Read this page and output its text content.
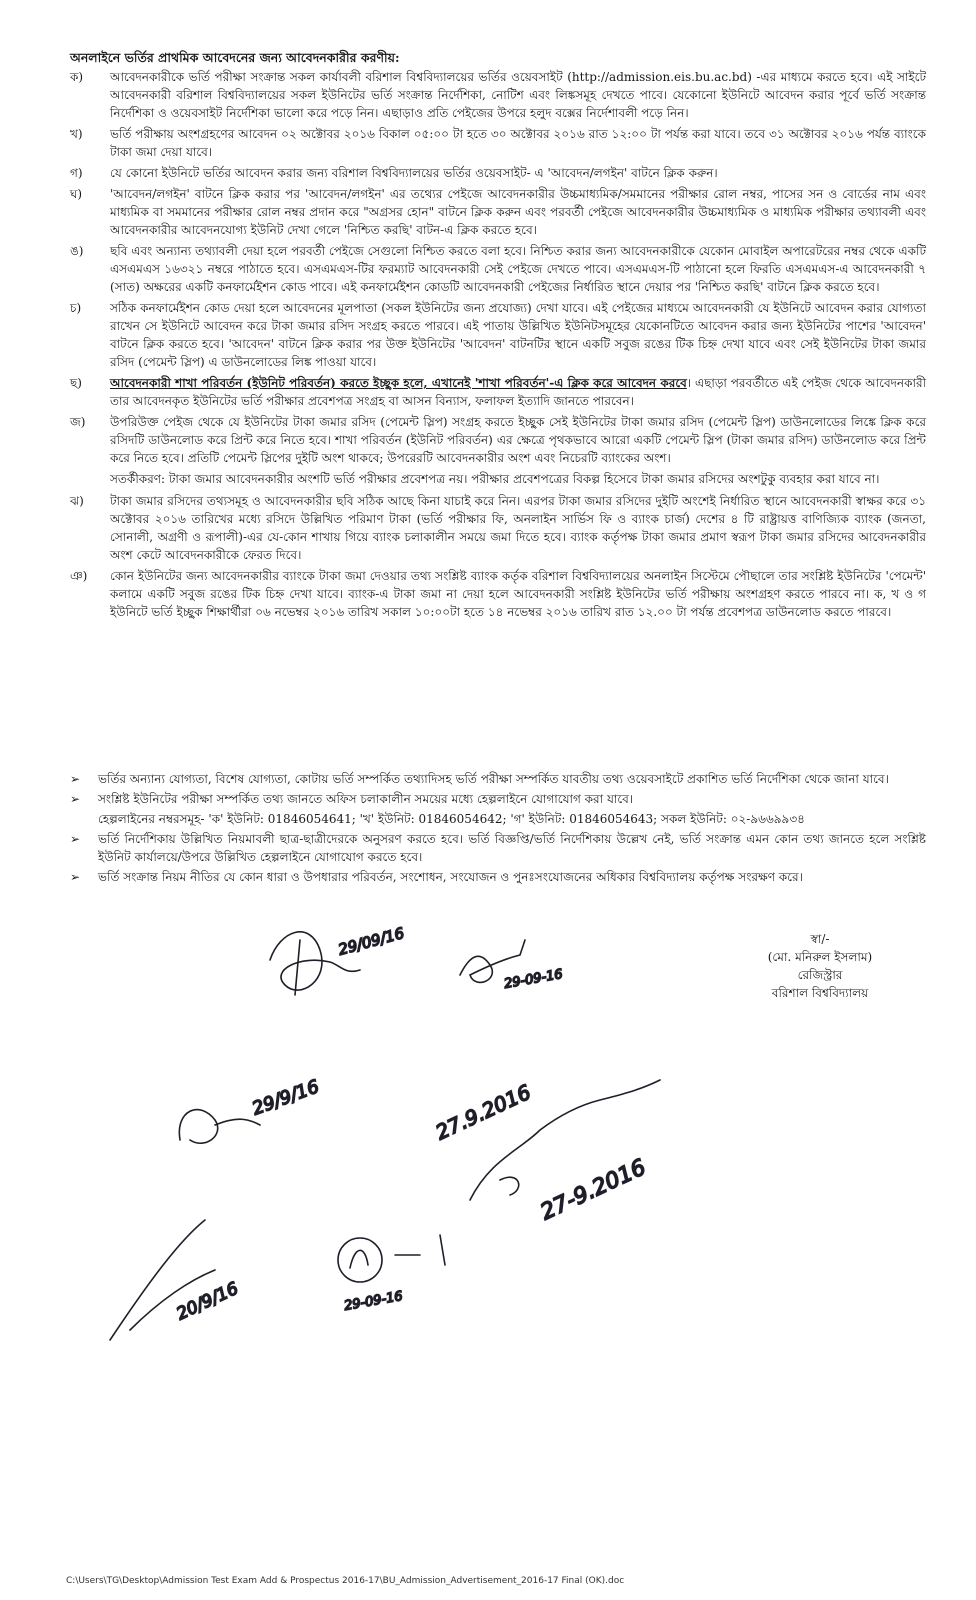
অনলাইনে ভর্তির প্রাথমিক আবেদনের জন্য আবেদনকারীর করণীয়:
ক)	আবেদনকারীকে ভর্তি পরীক্ষা সংক্রান্ত সকল কার্যাবলী বরিশাল বিশ্ববিদ্যালয়ের ভর্তির ওয়েবসাইট (http://admission.eis.bu.ac.bd) -এর মাধ্যমে করতে হবে। এই সাইটে আবেদনকারী বরিশাল বিশ্ববিদ্যালয়ের সকল ইউনিটের ভর্তি সংক্রান্ত নির্দেশিকা, নোটিশ এবং লিঙ্কসমূহ দেখতে পাবে। যেকোনো ইউনিটে আবেদন করার পূর্বে ভর্তি সংক্রান্ত নির্দেশিকা ও ওয়েবসাইট নির্দেশিকা ভালো করে পড়ে নিন। এছাড়াও প্রতি পেইজের উপরে হলুদ বক্সের নির্দেশাবলী পড়ে নিন।
খ)	ভর্তি পরীক্ষায় অংশগ্রহণের আবেদন ০২ অক্টোবর ২০১৬ বিকাল ০৫:০০ টা হতে ৩০ অক্টোবর ২০১৬ রাত ১২:০০ টা পর্যন্ত করা যাবে। তবে ৩১ অক্টোবর ২০১৬ পর্যন্ত ব্যাংকে টাকা জমা দেয়া যাবে।
গ)	যে কোনো ইউনিটে ভর্তির আবেদন করার জন্য বরিশাল বিশ্ববিদ্যালয়ের ভর্তির ওয়েবসাইট- এ 'আবেদন/লগইন' বাটনে ক্লিক করুন।
ঘ)	'আবেদন/লগইন' বাটনে ক্লিক করার পর 'আবেদন/লগইন' এর তথ্যের পেইজে আবেদনকারীর উচ্চমাধ্যমিক/সমমানের পরীক্ষার রোল নম্বর, পাসের সন ও বোর্ডের নাম এবং মাধ্যমিক বা সমমানের পরীক্ষার রোল নম্বর প্রদান করে "অগ্রসর হোন" বাটনে ক্লিক করুন এবং পরবর্তী পেইজে আবেদনকারীর উচ্চমাধ্যমিক ও মাধ্যমিক পরীক্ষার তথ্যাবলী এবং আবেদনকারীর আবেদনযোগ্য ইউনিট দেখা গেলে 'নিশ্চিত করছি' বাটন-এ ক্লিক করতে হবে।
ঙ)	ছবি এবং অন্যান্য তথ্যাবলী দেয়া হলে পরবর্তী পেইজে সেগুলো নিশ্চিত করতে বলা হবে। নিশ্চিত করার জন্য আবেদনকারীকে যেকোন মোবাইল অপারেটরের নম্বর থেকে একটি এসএমএস ১৬৩২১ নম্বরে পাঠাতে হবে। এসএমএস-টির ফরম্যাট আবেদনকারী সেই পেইজে দেখতে পাবে। এসএমএস-টি পাঠানো হলে ফিরতি এসএমএস-এ আবেদনকারী ৭ (সাত) অক্ষরের একটি কনফার্মেইশন কোড পাবে। এই কনফার্মেইশন কোডটি আবেদনকারী পেইজের নির্ধারিত স্থানে দেয়ার পর 'নিশ্চিত করছি' বাটনে ক্লিক করতে হবে।
চ)	সঠিক কনফার্মেইশন কোড দেয়া হলে আবেদনের মূলপাতা (সকল ইউনিটের জন্য প্রযোজ্য) দেখা যাবে। এই পেইজের মাধ্যমে আবেদনকারী যে ইউনিটে আবেদন করার যোগ্যতা রাখেন সে ইউনিটে আবেদন করে টাকা জমার রসিদ সংগ্রহ করতে পারবে। এই পাতায় উল্লিখিত ইউনিটসমূহের যেকোনটিতে আবেদন করার জন্য ইউনিটের পাশের 'আবেদন' বাটনে ক্লিক করতে হবে। 'আবেদন' বাটনে ক্লিক করার পর উক্ত ইউনিটের 'আবেদন' বাটনটির স্থানে একটি সবুজ রঙের টিক চিহ্ন দেখা যাবে এবং সেই ইউনিটের টাকা জমার রসিদ (পেমেন্ট স্লিপ) এ ডাউনলোডের লিঙ্ক পাওয়া যাবে।
ছ)	আবেদনকারী শাখা পরিবর্তন (ইউনিট পরিবর্তন) করতে ইচ্ছুক হলে, এখানেই 'শাখা পরিবর্তন'-এ ক্লিক করে আবেদন করবে। এছাড়া পরবর্তীতে এই পেইজ থেকে আবেদনকারী তার আবেদনকৃত ইউনিটের ভর্তি পরীক্ষার প্রবেশপত্র সংগ্রহ বা আসন বিন্যাস, ফলাফল ইত্যাদি জানতে পারবেন।
জ)	উপরিউক্ত পেইজ থেকে যে ইউনিটের টাকা জমার রসিদ (পেমেন্ট স্লিপ) সংগ্রহ করতে ইচ্ছুক সেই ইউনিটের টাকা জমার রসিদ (পেমেন্ট স্লিপ) ডাউনলোডের লিঙ্কে ক্লিক করে রসিদটি ডাউনলোড করে প্রিন্ট করে নিতে হবে। শাখা পরিবর্তন (ইউনিট পরিবর্তন) এর ক্ষেত্রে পৃথকভাবে আরো একটি পেমেন্ট স্লিপ (টাকা জমার রসিদ) ডাউনলোড করে প্রিন্ট করে নিতে হবে। প্রতিটি পেমেন্ট স্লিপের দুইটি অংশ থাকবে; উপরেরটি আবেদনকারীর অংশ এবং নিচেরটি ব্যাংকের অংশ।
সতর্কীকরণ: টাকা জমার আবেদনকারীর অংশটি ভর্তি পরীক্ষার প্রবেশপত্র নয়। পরীক্ষার প্রবেশপত্রের বিকল্প হিসেবে টাকা জমার রসিদের অংশটুকু ব্যবহার করা যাবে না।
ঝ)	টাকা জমার রসিদের তথ্যসমূহ ও আবেদনকারীর ছবি সঠিক আছে কিনা যাচাই করে নিন। এরপর টাকা জমার রসিদের দুইটি অংশেই নির্ধারিত স্থানে আবেদনকারী স্বাক্ষর করে ৩১ অক্টোবর ২০১৬ তারিখের মধ্যে রসিদে উল্লিখিত পরিমাণ টাকা (ভর্তি পরীক্ষার ফি, অনলাইন সার্ভিস ফি ও ব্যাংক চার্জ) দেশের ৪ টি রাষ্ট্রায়ত্ত বাণিজ্যিক ব্যাংক (জনতা, সোনালী, অগ্রণী ও রূপালী)-এর যে-কোন শাখায় গিয়ে ব্যাংক চলাকালীন সময়ে জমা দিতে হবে। ব্যাংক কর্তৃপক্ষ টাকা জমার প্রমাণ স্বরূপ টাকা জমার রসিদের আবেদনকারীর অংশ কেটে আবেদনকারীকে ফেরত দিবে।
ঞ)	কোন ইউনিটের জন্য আবেদনকারীর ব্যাংকে টাকা জমা দেওয়ার তথ্য সংশ্লিষ্ট ব্যাংক কর্তৃক বরিশাল বিশ্ববিদ্যালয়ের অনলাইন সিস্টেমে পৌছালে তার সংশ্লিষ্ট ইউনিটের 'পেমেন্ট' কলামে একটি সবুজ রঙের টিক চিহ্ন দেখা যাবে। ব্যাংক-এ টাকা জমা না দেয়া হলে আবেদনকারী সংশ্লিষ্ট ইউনিটের ভর্তি পরীক্ষায় অংশগ্রহণ করতে পারবে না। ক, খ ও গ ইউনিটে ভর্তি ইচ্ছুক শিক্ষার্থীরা ০৬ নভেম্বর ২০১৬ তারিখ সকাল ১০:০০টা হতে ১৪ নভেম্বর ২০১৬ তারিখ রাত ১২.০০ টা পর্যন্ত প্রবেশপত্র ডাউনলোড করতে পারবে।
➢	ভর্তির অন্যান্য যোগ্যতা, বিশেষ যোগ্যতা, কোটায় ভর্তি সম্পর্কিত তথ্যাদিসহ ভর্তি পরীক্ষা সম্পর্কিত যাবতীয় তথ্য ওয়েবসাইটে প্রকাশিত ভর্তি নির্দেশিকা থেকে জানা যাবে।
➢	সংশ্লিষ্ট ইউনিটের পরীক্ষা সম্পর্কিত তথ্য জানতে অফিস চলাকালীন সময়ের মধ্যে হেল্পলাইনে যোগাযোগ করা যাবে।
হেল্পলাইনের নম্বরসমূহ- 'ক' ইউনিট: 01846054641; 'খ' ইউনিট: 01846054642; 'গ' ইউনিট: 01846054643; সকল ইউনিট: ০২-৯৬৬৯৯৩৪
➢	ভর্তি নির্দেশিকায় উল্লিখিত নিয়মাবলী ছাত্র-ছাত্রীদেরকে অনুসরণ করতে হবে। ভর্তি বিজ্ঞপ্তি/ভর্তি নির্দেশিকায় উল্লেখ নেই, ভর্তি সংক্রান্ত এমন কোন তথ্য জানতে হলে সংশ্লিষ্ট ইউনিট কার্যালয়ে/উপরে উল্লিখিত হেল্পলাইনে যোগাযোগ করতে হবে।
➢	ভর্তি সংক্রান্ত নিয়ম নীতির যে কোন ধারা ও উপধারার পরিবর্তন, সংশোধন, সংযোজন ও পুনঃসংযোজনের অধিকার বিশ্ববিদ্যালয় কর্তৃপক্ষ সংরক্ষণ করে।
স্বা/-
(মো. মনিরুল ইসলাম)
রেজিস্ট্রার
বরিশাল বিশ্ববিদ্যালয়
29/09/16
29-09-16
29/9/16	27.9.2016
27-9.2016
20/9/16	29-09-16
C:\Users\TG\Desktop\Admission Test Exam Add & Prospectus 2016-17\BU_Admission_Advertisement_2016-17 Final (OK).doc
